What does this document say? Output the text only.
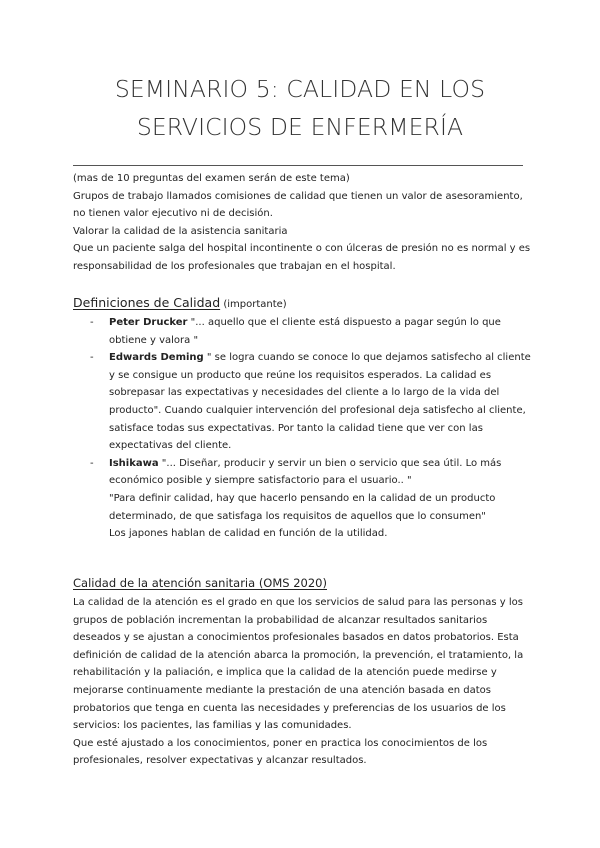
SEMINARIO 5: CALIDAD EN LOS
SERVICIOS DE ENFERMERÍA

(mas de 10 preguntas del examen serán de este tema)

Grupos de trabajo llamados comisiones de calidad que tienen un valor de asesoramiento, no tienen valor ejecutivo ni de decisión.

Valorar la calidad de la asistencia sanitaria

Que un paciente salga del hospital incontinente o con úlceras de presión no es normal y es responsabilidad de los profesionales que trabajan en el hospital.

Definiciones de Calidad (importante)
- Peter Drucker "... aquello que el cliente está dispuesto a pagar según lo que obtiene y valora "

- Edwards Deming " se logra cuando se conoce lo que dejamos satisfecho al cliente y se consigue un producto que reúne los requisitos esperados. La calidad es sobrepasar las expectativas y necesidades del cliente a lo largo de la vida del producto". Cuando cualquier intervención del profesional deja satisfecho al cliente, satisface todas sus expectativas. Por tanto la calidad tiene que ver con las expectativas del cliente.

- Ishikawa "... Diseñar, producir y servir un bien o servicio que sea útil. Lo más económico posible y siempre satisfactorio para el usuario.. "

"Para definir calidad, hay que hacerlo pensando en la calidad de un producto determinado, de que satisfaga los requisitos de aquellos que lo consumen"

Los japones hablan de calidad en función de la utilidad.

Calidad de la atención sanitaria (OMS 2020)

La calidad de la atención es el grado en que los servicios de salud para las personas y los grupos de población incrementan la probabilidad de alcanzar resultados sanitarios deseados y se ajustan a conocimientos profesionales basados en datos probatorios. Esta definición de calidad de la atención abarca la promoción, la prevención, el tratamiento, la rehabilitación y la paliación, e implica que la calidad de la atención puede medirse y mejorarse continuamente mediante la prestación de una atención basada en datos probatorios que tenga en cuenta las necesidades y preferencias de los usuarios de los servicios: los pacientes, las familias y las comunidades.

Que esté ajustado a los conocimientos, poner en practica los conocimientos de los profesionales, resolver expectativas y alcanzar resultados.
